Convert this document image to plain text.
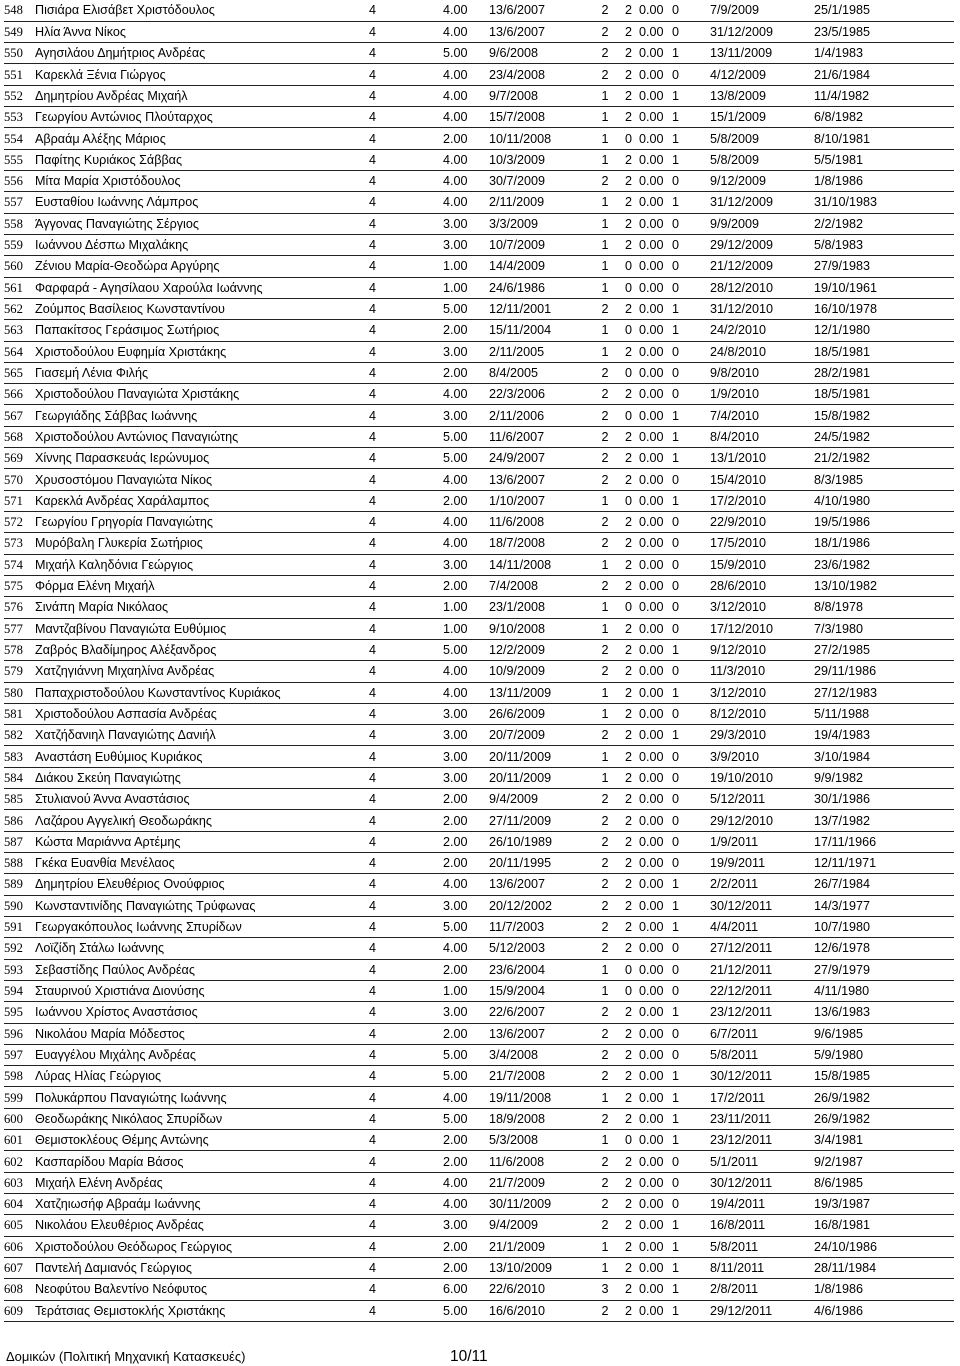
548	Πισιάρα Ελισάβετ Χριστόδουλος	4	4.00	13/6/2007	2	2	0.00	0	7/9/2009	25/1/1985
549	Ηλία Άννα Νίκος	4	4.00	13/6/2007	2	2	0.00	0	31/12/2009	23/5/1985
550	Αγησιλάου Δημήτριος Ανδρέας	4	5.00	9/6/2008	2	2	0.00	1	13/11/2009	1/4/1983
551	Καρεκλά Ξένια Γιώργος	4	4.00	23/4/2008	2	2	0.00	0	4/12/2009	21/6/1984
552	Δημητρίου Ανδρέας Μιχαήλ	4	4.00	9/7/2008	1	2	0.00	1	13/8/2009	11/4/1982
553	Γεωργίου Αντώνιος Πλούταρχος	4	4.00	15/7/2008	1	2	0.00	1	15/1/2009	6/8/1982
554	Αβραάμ Αλέξης Μάριος	4	2.00	10/11/2008	1	0	0.00	1	5/8/2009	8/10/1981
555	Παφίτης Κυριάκος Σάββας	4	4.00	10/3/2009	1	2	0.00	1	5/8/2009	5/5/1981
556	Μίτα Μαρία Χριστόδουλος	4	4.00	30/7/2009	2	2	0.00	0	9/12/2009	1/8/1986
557	Ευσταθίου Ιωάννης Λάμπρος	4	4.00	2/11/2009	1	2	0.00	1	31/12/2009	31/10/1983
558	Άγγονας Παναγιώτης Σέργιος	4	3.00	3/3/2009	1	2	0.00	0	9/9/2009	2/2/1982
559	Ιωάννου Δέσπω Μιχαλάκης	4	3.00	10/7/2009	1	2	0.00	0	29/12/2009	5/8/1983
560	Ζένιου Μαρία-Θεοδώρα Αργύρης	4	1.00	14/4/2009	1	0	0.00	0	21/12/2009	27/9/1983
561	Φαρφαρά - Αγησίλαου Χαρούλα Ιωάννης	4	1.00	24/6/1986	1	0	0.00	0	28/12/2010	19/10/1961
562	Ζούμπος Βασίλειος Κωνσταντίνου	4	5.00	12/11/2001	2	2	0.00	1	31/12/2010	16/10/1978
563	Παπακίτσος Γεράσιμος Σωτήριος	4	2.00	15/11/2004	1	0	0.00	1	24/2/2010	12/1/1980
564	Χριστοδούλου Ευφημία Χριστάκης	4	3.00	2/11/2005	1	2	0.00	0	24/8/2010	18/5/1981
565	Γιασεμή Λένια Φιλής	4	2.00	8/4/2005	2	0	0.00	0	9/8/2010	28/2/1981
566	Χριστοδούλου Παναγιώτα Χριστάκης	4	4.00	22/3/2006	2	2	0.00	0	1/9/2010	18/5/1981
567	Γεωργιάδης Σάββας Ιωάννης	4	3.00	2/11/2006	2	0	0.00	1	7/4/2010	15/8/1982
568	Χριστοδούλου Αντώνιος Παναγιώτης	4	5.00	11/6/2007	2	2	0.00	1	8/4/2010	24/5/1982
569	Χίννης Παρασκευάς Ιερώνυμος	4	5.00	24/9/2007	2	2	0.00	1	13/1/2010	21/2/1982
570	Χρυσοστόμου Παναγιώτα Νίκος	4	4.00	13/6/2007	2	2	0.00	0	15/4/2010	8/3/1985
571	Καρεκλά Ανδρέας Χαράλαμπος	4	2.00	1/10/2007	1	0	0.00	1	17/2/2010	4/10/1980
572	Γεωργίου Γρηγορία Παναγιώτης	4	4.00	11/6/2008	2	2	0.00	0	22/9/2010	19/5/1986
573	Μυρόβαλη Γλυκερία Σωτήριος	4	4.00	18/7/2008	2	2	0.00	0	17/5/2010	18/1/1986
574	Μιχαήλ Καληδόνια Γεώργιος	4	3.00	14/11/2008	1	2	0.00	0	15/9/2010	23/6/1982
575	Φόρμα Ελένη Μιχαήλ	4	2.00	7/4/2008	2	2	0.00	0	28/6/2010	13/10/1982
576	Σινάπη Μαρία Νικόλαος	4	1.00	23/1/2008	1	0	0.00	0	3/12/2010	8/8/1978
577	Μαντζαβίνου Παναγιώτα Ευθύμιος	4	1.00	9/10/2008	1	2	0.00	0	17/12/2010	7/3/1980
578	Ζαβρός Βλαδίμηρος Αλέξανδρος	4	5.00	12/2/2009	2	2	0.00	1	9/12/2010	27/2/1985
579	Χατζηγιάννη Μιχαηλίνα Ανδρέας	4	4.00	10/9/2009	2	2	0.00	0	11/3/2010	29/11/1986
580	Παπαχριστοδούλου Κωνσταντίνος Κυριάκος	4	4.00	13/11/2009	1	2	0.00	1	3/12/2010	27/12/1983
581	Χριστοδούλου Ασπασία Ανδρέας	4	3.00	26/6/2009	1	2	0.00	0	8/12/2010	5/11/1988
582	Χατζήδανιηλ Παναγιώτης Δανιήλ	4	3.00	20/7/2009	2	2	0.00	1	29/3/2010	19/4/1983
583	Αναστάση Ευθύμιος Κυριάκος	4	3.00	20/11/2009	1	2	0.00	0	3/9/2010	3/10/1984
584	Διάκου Σκεύη Παναγιώτης	4	3.00	20/11/2009	1	2	0.00	0	19/10/2010	9/9/1982
585	Στυλιανού Άννα Αναστάσιος	4	2.00	9/4/2009	2	2	0.00	0	5/12/2011	30/1/1986
586	Λαζάρου Αγγελική Θεοδωράκης	4	2.00	27/11/2009	2	2	0.00	0	29/12/2010	13/7/1982
587	Κώστα Μαριάννα Αρτέμης	4	2.00	26/10/1989	2	2	0.00	0	1/9/2011	17/11/1966
588	Γκέκα Ευανθία Μενέλαος	4	2.00	20/11/1995	2	2	0.00	0	19/9/2011	12/11/1971
589	Δημητρίου Ελευθέριος Ονούφριος	4	4.00	13/6/2007	2	2	0.00	1	2/2/2011	26/7/1984
590	Κωνσταντινίδης Παναγιώτης Τρύφωνας	4	3.00	20/12/2002	2	2	0.00	1	30/12/2011	14/3/1977
591	Γεωργακόπουλος Ιωάννης Σπυρίδων	4	5.00	11/7/2003	2	2	0.00	1	4/4/2011	10/7/1980
592	Λοϊζίδη Στάλω Ιωάννης	4	4.00	5/12/2003	2	2	0.00	0	27/12/2011	12/6/1978
593	Σεβαστίδης Παύλος Ανδρέας	4	2.00	23/6/2004	1	0	0.00	0	21/12/2011	27/9/1979
594	Σταυρινού Χριστιάνα Διονύσης	4	1.00	15/9/2004	1	0	0.00	0	22/12/2011	4/11/1980
595	Ιωάννου Χρίστος Αναστάσιος	4	3.00	22/6/2007	2	2	0.00	1	23/12/2011	13/6/1983
596	Νικολάου Μαρία Μόδεστος	4	2.00	13/6/2007	2	2	0.00	0	6/7/2011	9/6/1985
597	Ευαγγέλου Μιχάλης Ανδρέας	4	5.00	3/4/2008	2	2	0.00	0	5/8/2011	5/9/1980
598	Λύρας Ηλίας Γεώργιος	4	5.00	21/7/2008	2	2	0.00	1	30/12/2011	15/8/1985
599	Πολυκάρπου Παναγιώτης Ιωάννης	4	4.00	19/11/2008	1	2	0.00	1	17/2/2011	26/9/1982
600	Θεοδωράκης Νικόλαος Σπυρίδων	4	5.00	18/9/2008	2	2	0.00	1	23/11/2011	26/9/1982
601	Θεμιστοκλέους Θέμης Αντώνης	4	2.00	5/3/2008	1	0	0.00	1	23/12/2011	3/4/1981
602	Κασπαρίδου Μαρία Βάσος	4	2.00	11/6/2008	2	2	0.00	0	5/1/2011	9/2/1987
603	Μιχαήλ Ελένη Ανδρέας	4	4.00	21/7/2009	2	2	0.00	0	30/12/2011	8/6/1985
604	Χατζηιωσήφ Αβραάμ Ιωάννης	4	4.00	30/11/2009	2	2	0.00	0	19/4/2011	19/3/1987
605	Νικολάου Ελευθέριος Ανδρέας	4	3.00	9/4/2009	2	2	0.00	1	16/8/2011	16/8/1981
606	Χριστοδούλου Θεόδωρος Γεώργιος	4	2.00	21/1/2009	1	2	0.00	1	5/8/2011	24/10/1986
607	Παντελή Δαμιανός Γεώργιος	4	2.00	13/10/2009	1	2	0.00	1	8/11/2011	28/11/1984
608	Νεοφύτου Βαλεντίνο Νεόφυτος	4	6.00	22/6/2010	3	2	0.00	1	2/8/2011	1/8/1986
609	Τεράτσιας Θεμιστοκλής Χριστάκης	4	5.00	16/6/2010	2	2	0.00	1	29/12/2011	4/6/1986
Δομικών (Πολιτική Μηχανική Κατασκευές)	10/11
